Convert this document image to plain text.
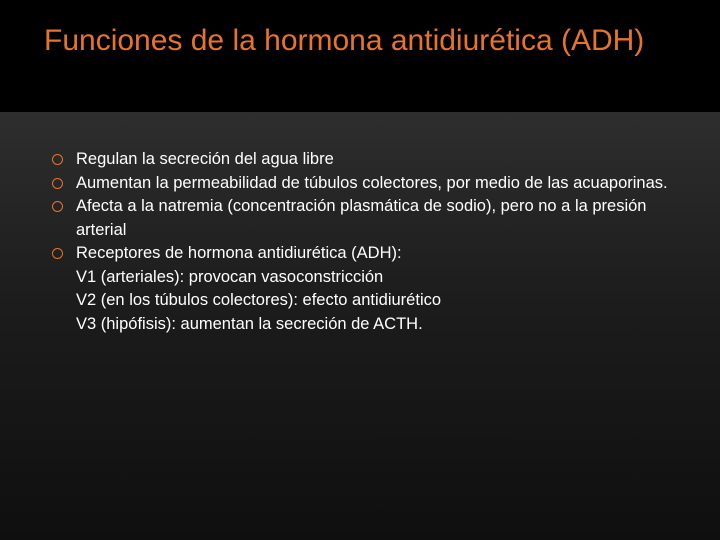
Funciones de la hormona antidiurética (ADH)
Regulan la secreción del agua libre
Aumentan la permeabilidad de túbulos colectores, por medio de las acuaporinas.
Afecta a la natremia (concentración plasmática de sodio), pero no a la presión arterial
Receptores de hormona antidiurética (ADH):
V1 (arteriales): provocan vasoconstricción
V2 (en los túbulos colectores): efecto antidiurético
V3 (hipófisis): aumentan la secreción de ACTH.
